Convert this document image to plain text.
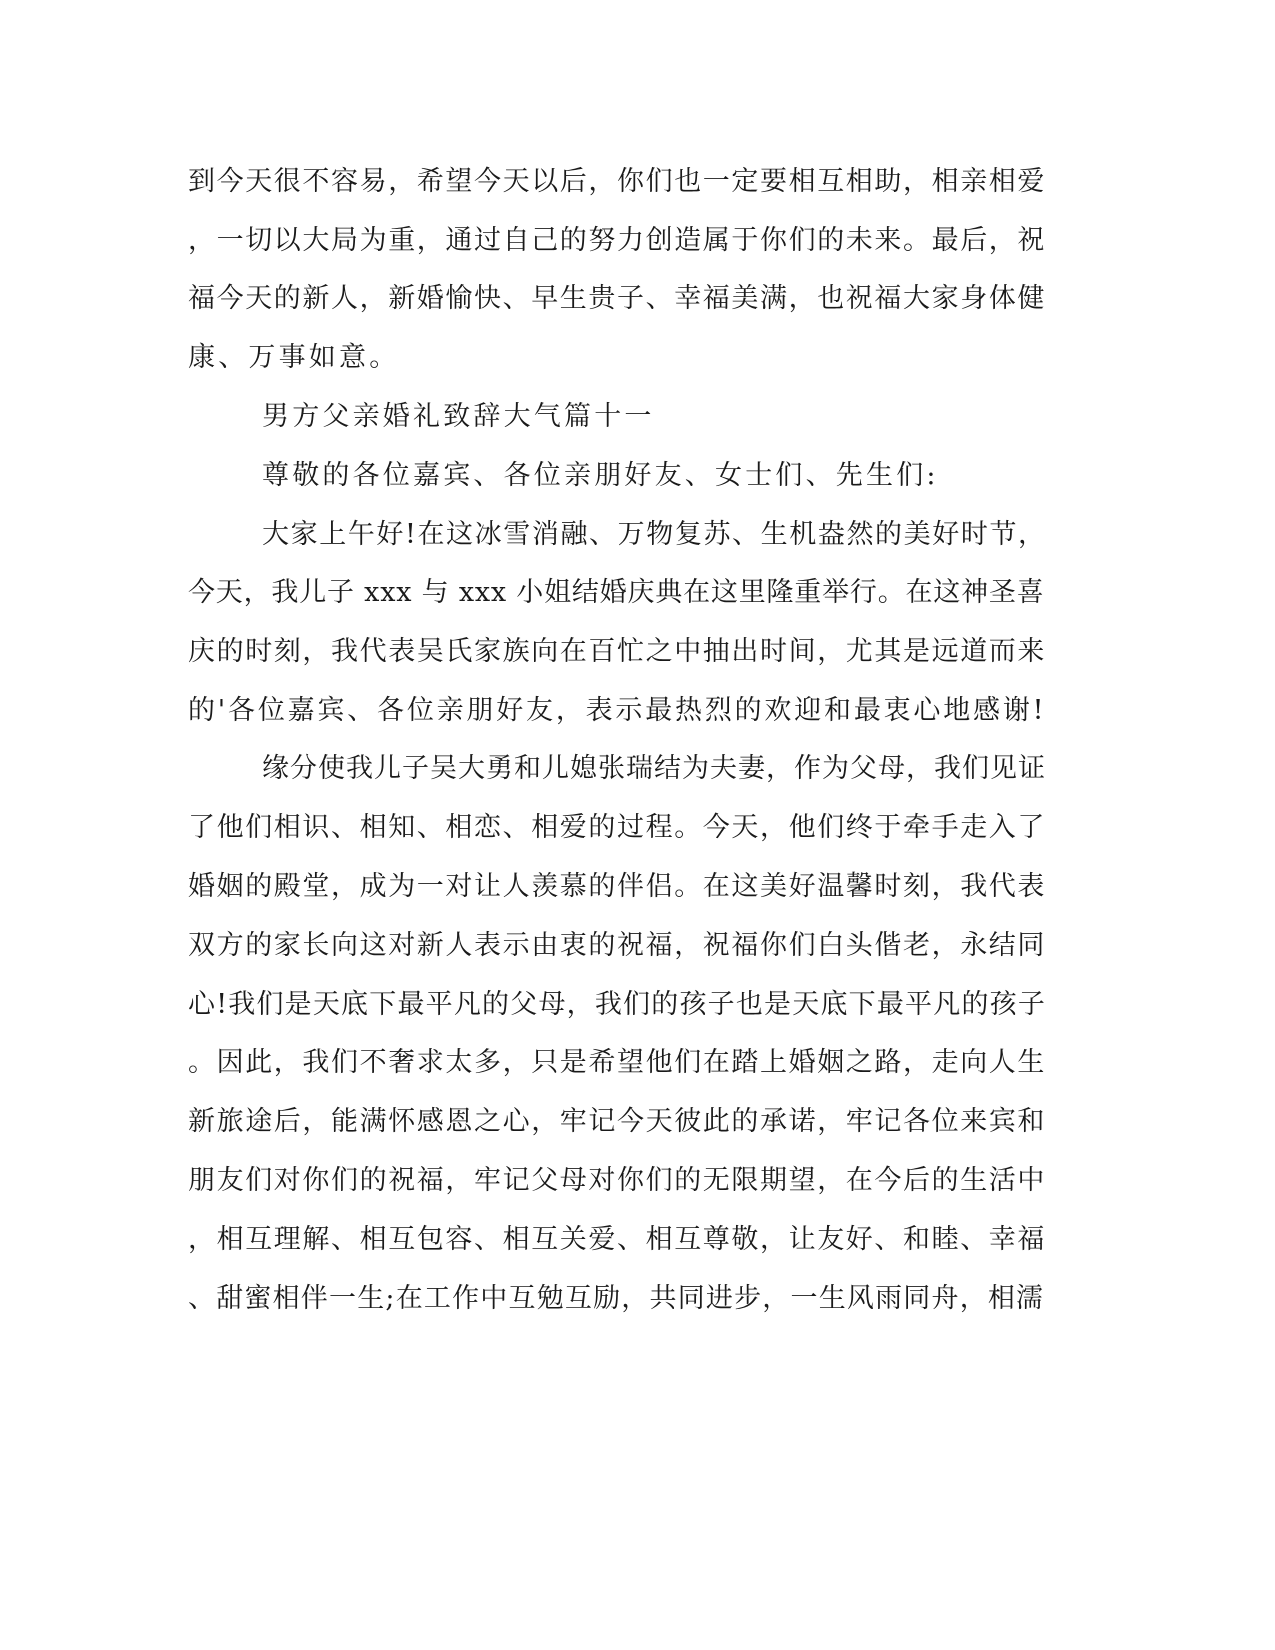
到今天很不容易，希望今天以后，你们也一定要相互相助，相亲相爱
，一切以大局为重，通过自己的努力创造属于你们的未来。最后，祝
福今天的新人，新婚愉快、早生贵子、幸福美满，也祝福大家身体健
康、万事如意。
男方父亲婚礼致辞大气篇十一
尊敬的各位嘉宾、各位亲朋好友、女士们、先生们:
大家上午好!在这冰雪消融、万物复苏、生机盎然的美好时节，
今天，我儿子 xxx 与 xxx 小姐结婚庆典在这里隆重举行。在这神圣喜
庆的时刻，我代表吴氏家族向在百忙之中抽出时间，尤其是远道而来
的'各位嘉宾、各位亲朋好友，表示最热烈的欢迎和最衷心地感谢!
缘分使我儿子吴大勇和儿媳张瑞结为夫妻，作为父母，我们见证
了他们相识、相知、相恋、相爱的过程。今天，他们终于牵手走入了
婚姻的殿堂，成为一对让人羡慕的伴侣。在这美好温馨时刻，我代表
双方的家长向这对新人表示由衷的祝福，祝福你们白头偕老，永结同
心!我们是天底下最平凡的父母，我们的孩子也是天底下最平凡的孩子
。因此，我们不奢求太多，只是希望他们在踏上婚姻之路，走向人生
新旅途后，能满怀感恩之心，牢记今天彼此的承诺，牢记各位来宾和
朋友们对你们的祝福，牢记父母对你们的无限期望，在今后的生活中
，相互理解、相互包容、相互关爱、相互尊敬，让友好、和睦、幸福
、甜蜜相伴一生;在工作中互勉互励，共同进步，一生风雨同舟，相濡
